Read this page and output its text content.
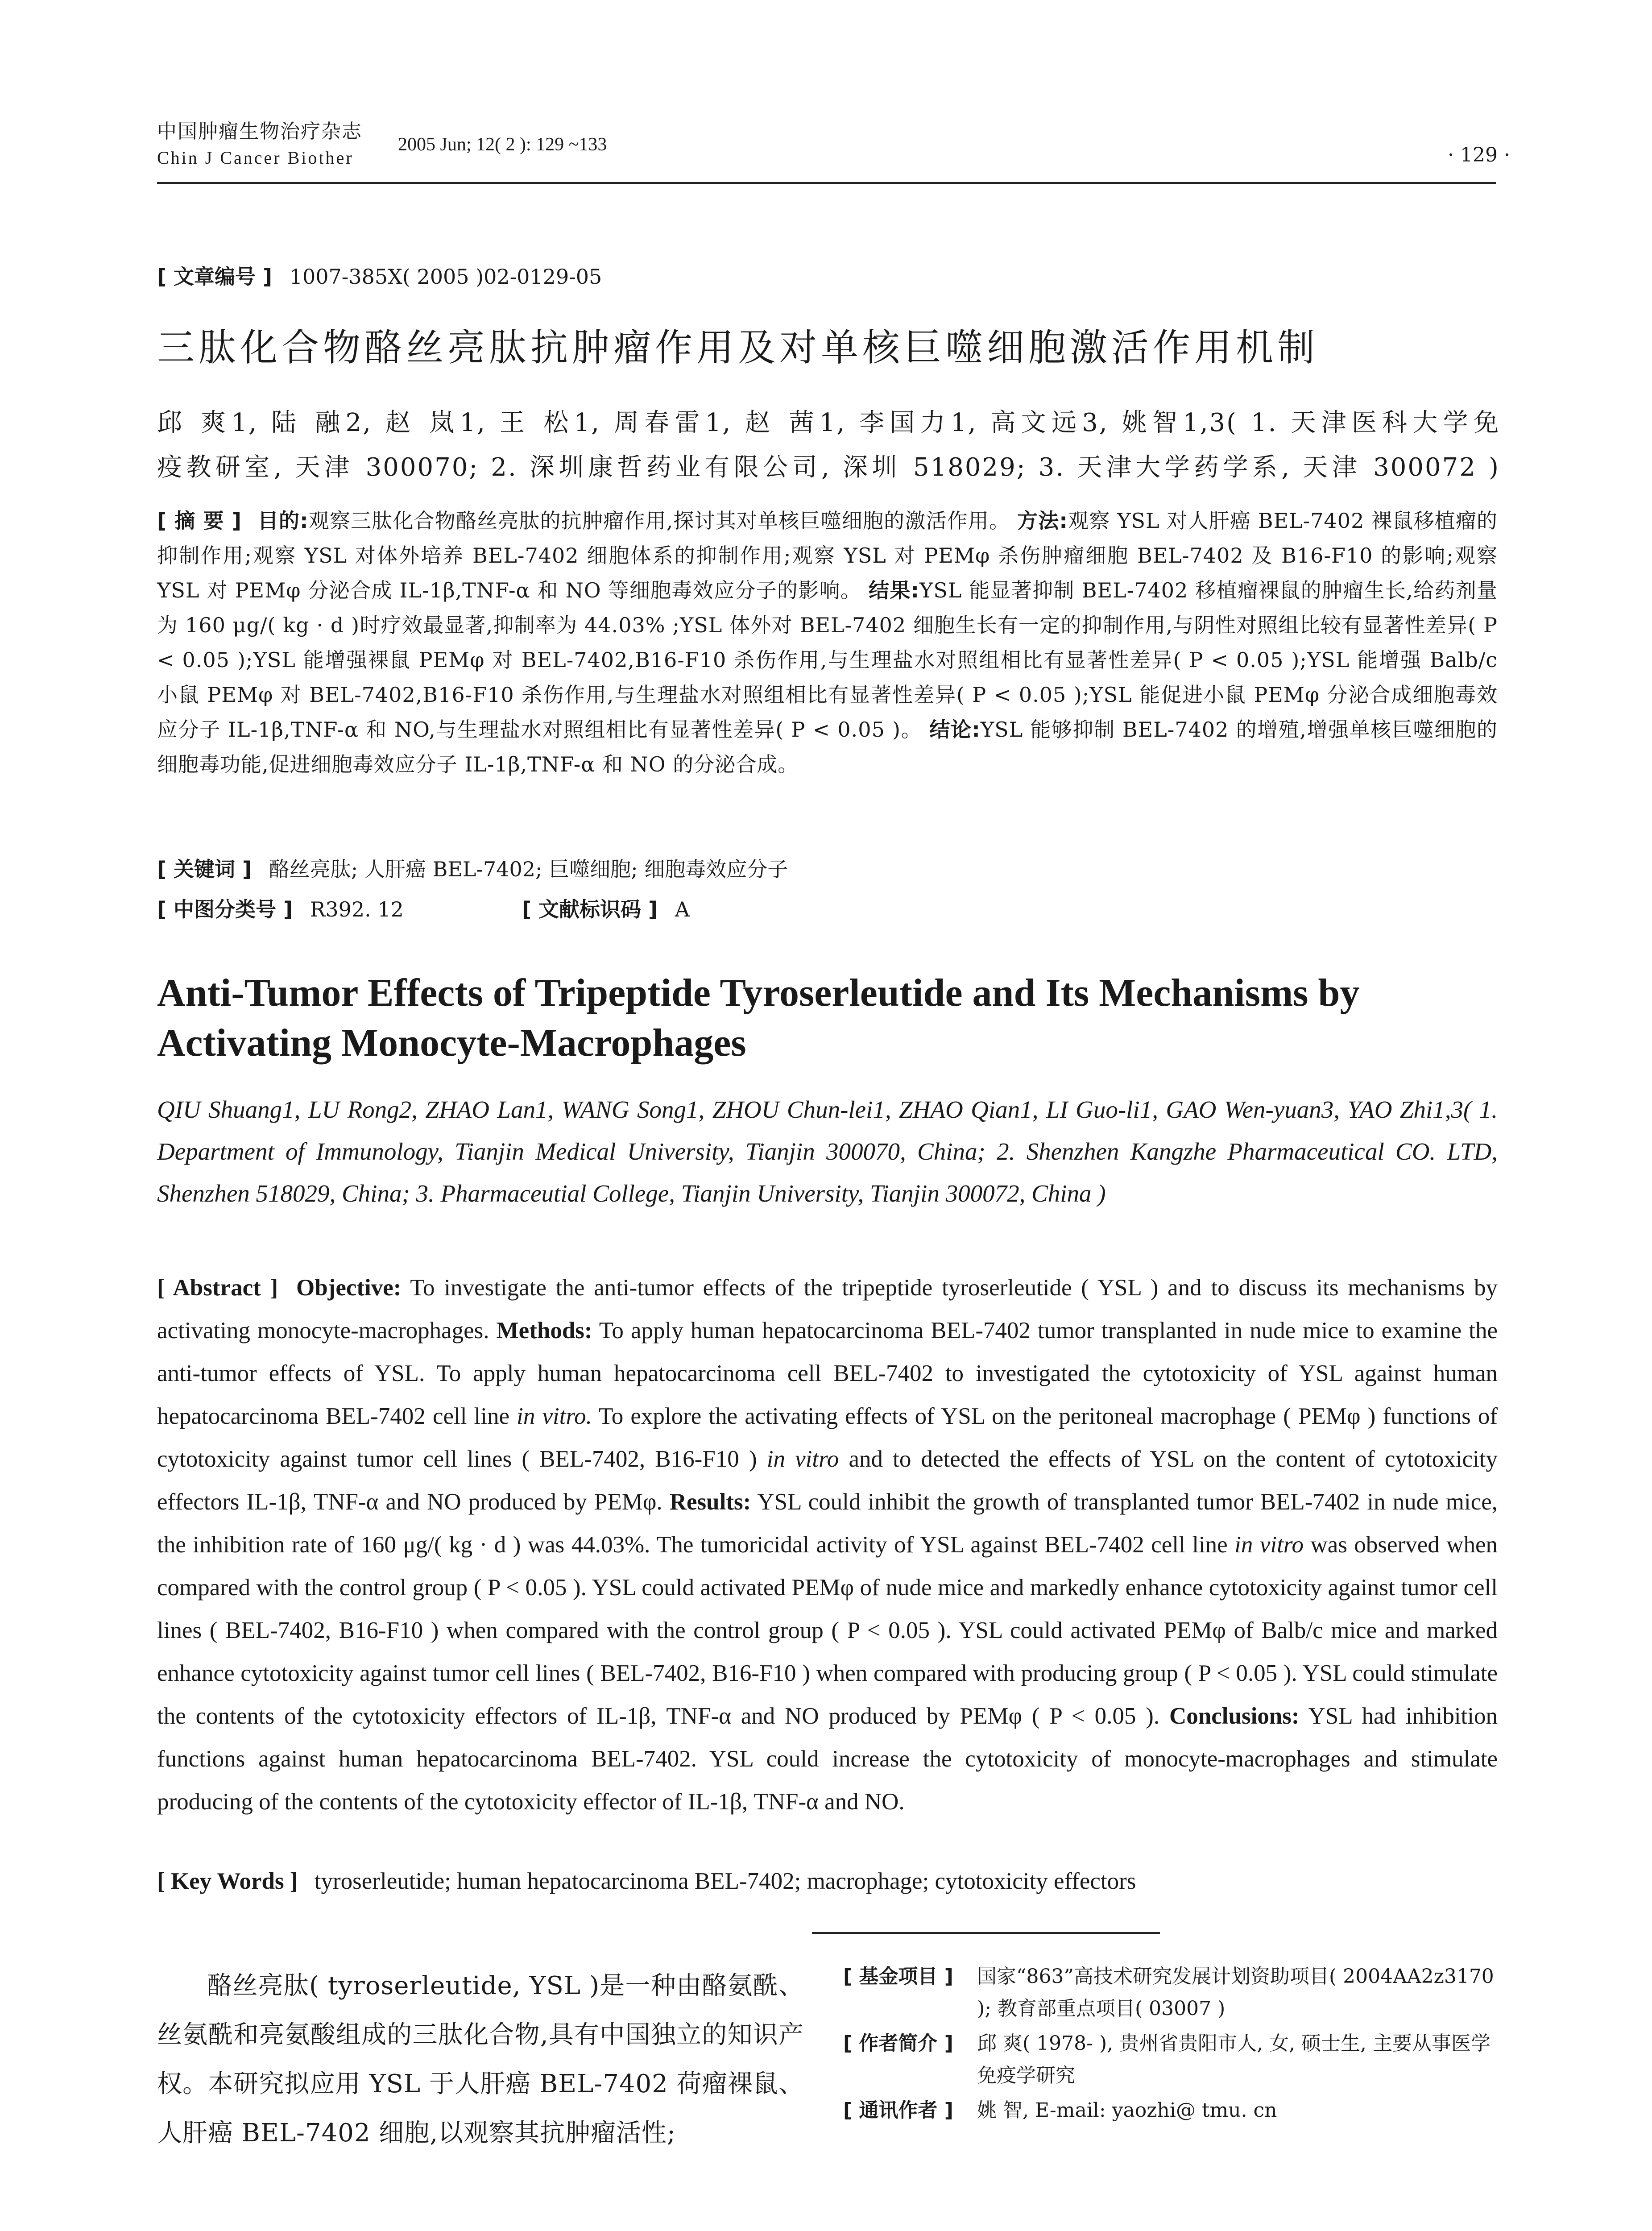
中国肿瘤生物治疗杂志
Chin J Cancer Biother
2005 Jun; 12( 2 ): 129 ~133	· 129 ·
[ 文章编号 ] 1007-385X( 2005 )02-0129-05
三肽化合物酪丝亮肽抗肿瘤作用及对单核巨噬细胞激活作用机制
邱 爽1, 陆 融2, 赵 岚1, 王 松1, 周春雷1, 赵 茜1, 李国力1, 高文远3, 姚智1,3( 1. 天津医科大学免
疫教研室, 天津 300070; 2. 深圳康哲药业有限公司, 深圳 518029; 3. 天津大学药学系, 天津 300072 )
[ 摘 要 ] 目的:观察三肽化合物酪丝亮肽的抗肿瘤作用,探讨其对单核巨噬细胞的激活作用。 方法:观察 YSL 对人肝癌 BEL-7402 裸鼠移植瘤的抑制作用;观察 YSL 对体外培养 BEL-7402 细胞体系的抑制作用;观察 YSL 对 PEMφ 杀伤肿瘤细胞 BEL-7402 及 B16-F10 的影响;观察 YSL 对 PEMφ 分泌合成 IL-1β,TNF-α 和 NO 等细胞毒效应分子的影响。 结果:YSL 能显著抑制 BEL-7402 移植瘤裸鼠的肿瘤生长,给药剂量为 160 μg/( kg · d )时疗效最显著,抑制率为 44.03% ;YSL 体外对 BEL-7402 细胞生长有一定的抑制作用,与阴性对照组比较有显著性差异( P < 0.05 );YSL 能增强裸鼠 PEMφ 对 BEL-7402,B16-F10 杀伤作用,与生理盐水对照组相比有显著性差异( P < 0.05 );YSL 能增强 Balb/c 小鼠 PEMφ 对 BEL-7402,B16-F10 杀伤作用,与生理盐水对照组相比有显著性差异( P < 0.05 );YSL 能促进小鼠 PEMφ 分泌合成细胞毒效应分子 IL-1β,TNF-α 和 NO,与生理盐水对照组相比有显著性差异( P < 0.05 )。 结论:YSL 能够抑制 BEL-7402 的增殖,增强单核巨噬细胞的细胞毒功能,促进细胞毒效应分子 IL-1β,TNF-α 和 NO 的分泌合成。
[ 关键词 ] 酪丝亮肽; 人肝癌 BEL-7402; 巨噬细胞; 细胞毒效应分子
[ 中图分类号 ] R392. 12	[ 文献标识码 ] A
Anti-Tumor Effects of Tripeptide Tyroserleutide and Its Mechanisms by Activating Monocyte-Macrophages
QIU Shuang1, LU Rong2, ZHAO Lan1, WANG Song1, ZHOU Chun-lei1, ZHAO Qian1, LI Guo-li1, GAO Wen-yuan3, YAO Zhi1,3( 1. Department of Immunology, Tianjin Medical University, Tianjin 300070, China; 2. Shenzhen Kangzhe Pharmaceutical CO. LTD, Shenzhen 518029, China; 3. Pharmaceutial College, Tianjin University, Tianjin 300072, China )
[ Abstract ] Objective: To investigate the anti-tumor effects of the tripeptide tyroserleutide ( YSL ) and to discuss its mechanisms by activating monocyte-macrophages. Methods: To apply human hepatocarcinoma BEL-7402 tumor transplanted in nude mice to examine the anti-tumor effects of YSL. To apply human hepatocarcinoma cell BEL-7402 to investigated the cytotoxicity of YSL against human hepatocarcinoma BEL-7402 cell line in vitro. To explore the activating effects of YSL on the peritoneal macrophage ( PEMφ ) functions of cytotoxicity against tumor cell lines ( BEL-7402, B16-F10 ) in vitro and to detected the effects of YSL on the content of cytotoxicity effectors IL-1β, TNF-α and NO produced by PEMφ. Results: YSL could inhibit the growth of transplanted tumor BEL-7402 in nude mice, the inhibition rate of 160 μg/( kg · d ) was 44.03%. The tumoricidal activity of YSL against BEL-7402 cell line in vitro was observed when compared with the control group ( P < 0.05 ). YSL could activated PEMφ of nude mice and markedly enhance cytotoxicity against tumor cell lines ( BEL-7402, B16-F10 ) when compared with the control group ( P < 0.05 ). YSL could activated PEMφ of Balb/c mice and marked enhance cytotoxicity against tumor cell lines ( BEL-7402, B16-F10 ) when compared with producing group ( P < 0.05 ). YSL could stimulate the contents of the cytotoxicity effectors of IL-1β, TNF-α and NO produced by PEMφ ( P < 0.05 ). Conclusions: YSL had inhibition functions against human hepatocarcinoma BEL-7402. YSL could increase the cytotoxicity of monocyte-macrophages and stimulate producing of the contents of the cytotoxicity effector of IL-1β, TNF-α and NO.
[ Key Words ] tyroserleutide; human hepatocarcinoma BEL-7402; macrophage; cytotoxicity effectors

酪丝亮肽( tyroserleutide, YSL )是一种由酪氨酰、丝氨酰和亮氨酸组成的三肽化合物,具有中国独立的知识产权。本研究拟应用 YSL 于人肝癌 BEL-7402 荷瘤裸鼠、人肝癌 BEL-7402 细胞,以观察其抗肿瘤活性;

[ 基金项目 ]	国家“863”高技术研究发展计划资助项目( 2004AA2z3170 ); 教育部重点项目( 03007 )
[ 作者简介 ]	邱 爽( 1978- ), 贵州省贵阳市人, 女, 硕士生, 主要从事医学免疫学研究
[ 通讯作者 ]	姚 智, E-mail: yaozhi@ tmu. cn
